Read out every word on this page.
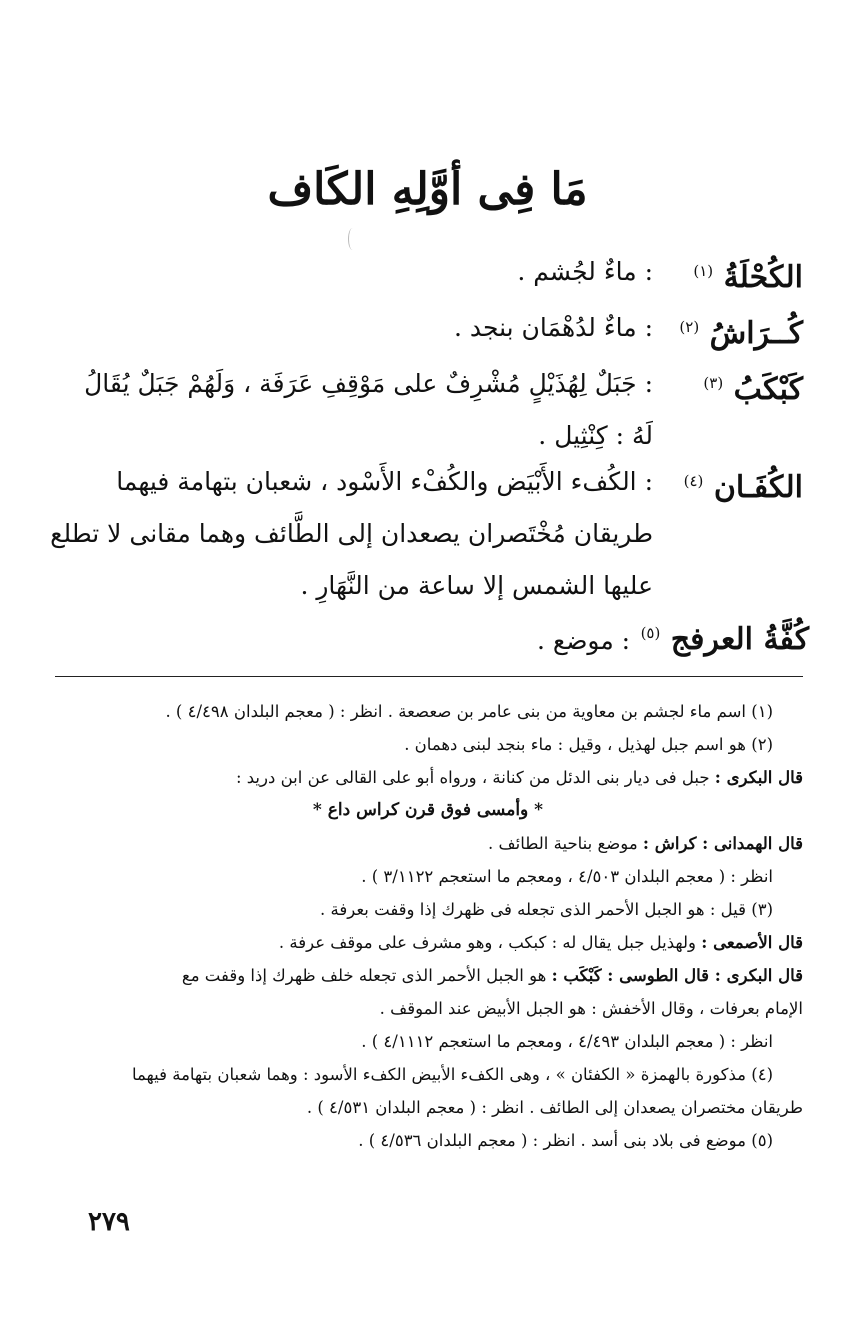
مَا فِى أوَّلِهِ الكَاف
الكُحْلَةُ $^{(١)}$
: ماءٌ لجُشم .
كُــرَاشُ $^{(٢)}$
: ماءٌ لدُهْمَان بنجد .
كَبْكَبُ $^{(٣)}$
: جَبَلٌ لِهُذَيْلٍ مُشْرِفٌ على مَوْقِفِ عَرَفَة ، وَلَهُمْ جَبَلٌ يُقَالُ
لَهُ : كِنْثِيل .
الكُفَـان $^{(٤)}$
: الكُفء الأَبْيَض والكُفْء الأَسْود ، شعبان بتهامة فيهما
طريقان مُخْتَصران يصعدان إلى الطَّائف وهما مقانى لا تطلع
عليها الشمس إلا ساعة من النَّهَارِ .
كُفَّةُ العرفج $^{(٥)}$ : موضع .
(١) اسم ماء لجشم بن معاوية من بنى عامر بن صعصعة . انظر : ( معجم البلدان ٤/٤٩٨ ) .
(٢) هو اسم جبل لهذيل ، وقيل : ماء بنجد لبنى دهمان .
قال البكرى : جبل فى ديار بنى الدئل من كنانة ، ورواه أبو على القالى عن ابن دريد :
* وأمسى فوق قرن كراس داع *
قال الهمدانى : كراش : موضع بناحية الطائف .
انظر : ( معجم البلدان ٤/٥٠٣ ، ومعجم ما استعجم ٣/١١٢٢ ) .
(٣) قيل : هو الجبل الأحمر الذى تجعله فى ظهرك إذا وقفت بعرفة .
قال الأصمعى : ولهذيل جبل يقال له : كبكب ، وهو مشرف على موقف عرفة .
قال البكرى : قال الطوسى : كَبْكَب : هو الجبل الأحمر الذى تجعله خلف ظهرك إذا وقفت مع
الإمام بعرفات ، وقال الأخفش : هو الجبل الأبيض عند الموقف .
انظر : ( معجم البلدان ٤/٤٩٣ ، ومعجم ما استعجم ٤/١١١٢ ) .
(٤) مذكورة بالهمزة « الكفئان » ، وهى الكفء الأبيض الكفء الأسود : وهما شعبان بتهامة فيهما
طريقان مختصران يصعدان إلى الطائف . انظر : ( معجم البلدان ٤/٥٣١ ) .
(٥) موضع فى بلاد بنى أسد . انظر : ( معجم البلدان ٤/٥٣٦ ) .
٢٧٩
